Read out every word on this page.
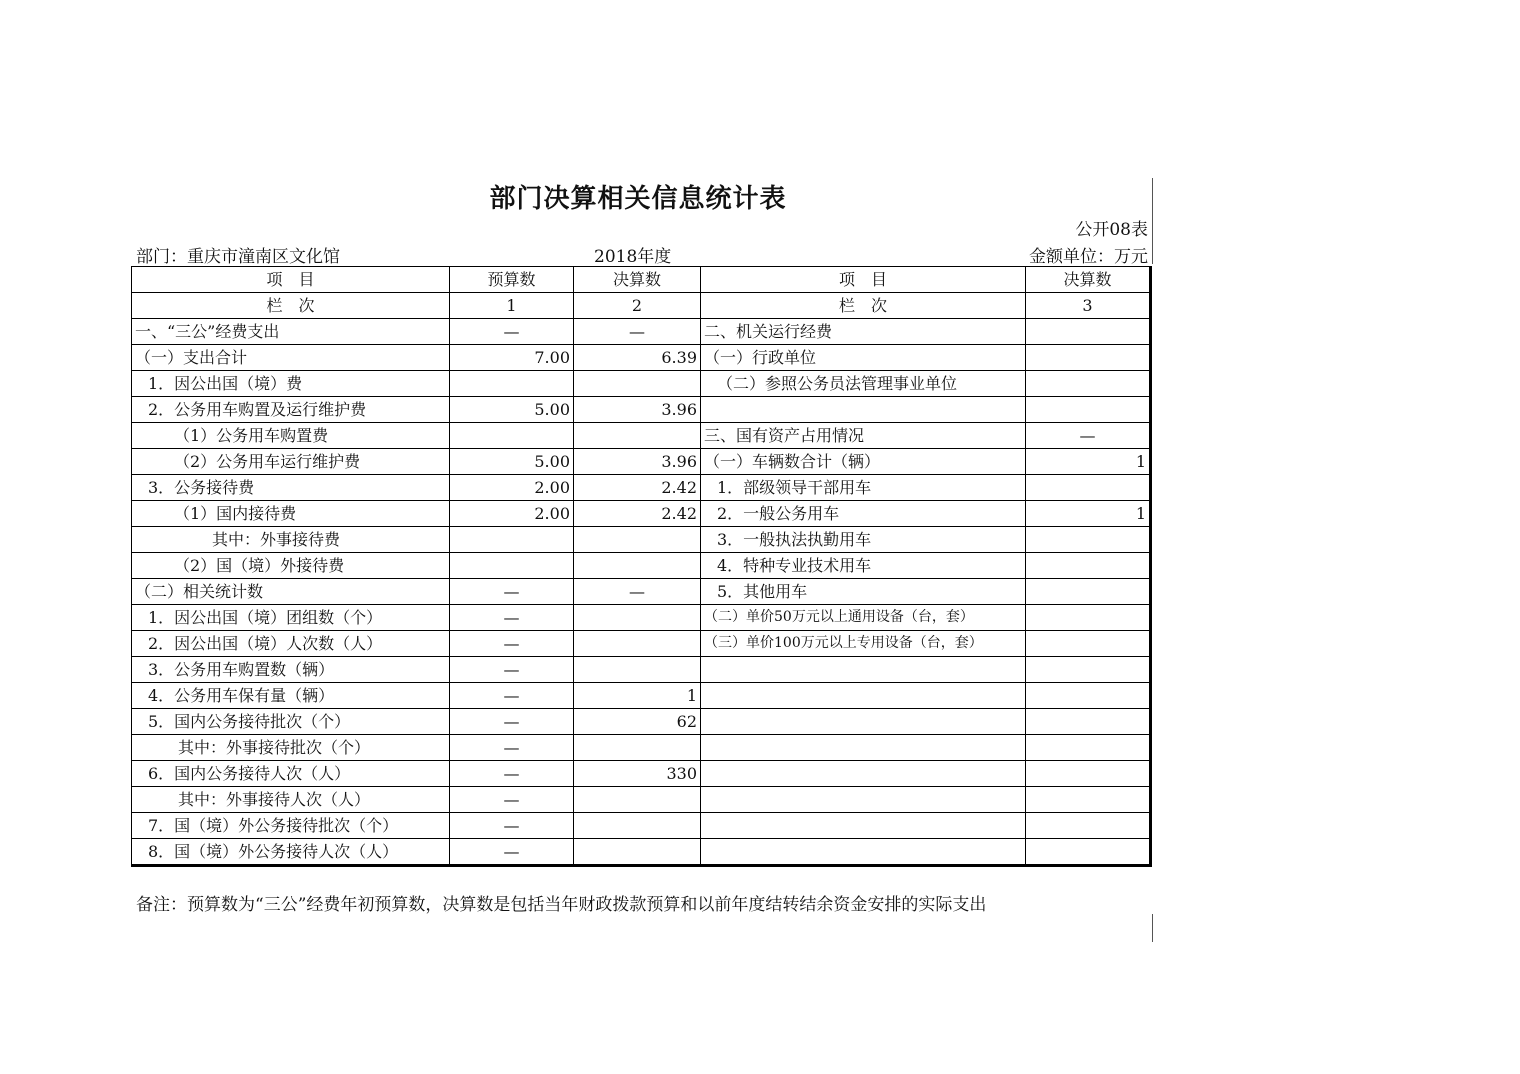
部门决算相关信息统计表
公开08表
部门：重庆市潼南区文化馆	2018年度	金额单位：万元
项　目	预算数	决算数	项　目	决算数
栏　次	1	2	栏　次	3
一、“三公”经费支出	—	—	二、机关运行经费	
（一）支出合计	7.00	6.39	（一）行政单位	
1．因公出国（境）费			（二）参照公务员法管理事业单位	
2．公务用车购置及运行维护费	5.00	3.96		
（1）公务用车购置费			三、国有资产占用情况	—
（2）公务用车运行维护费	5.00	3.96	（一）车辆数合计（辆）	1
3．公务接待费	2.00	2.42	1．部级领导干部用车	
（1）国内接待费	2.00	2.42	2．一般公务用车	1
其中：外事接待费			3．一般执法执勤用车	
（2）国（境）外接待费			4．特种专业技术用车	
（二）相关统计数	—	—	5．其他用车	
1．因公出国（境）团组数（个）	—		（二）单价50万元以上通用设备（台，套）	
2．因公出国（境）人次数（人）	—		（三）单价100万元以上专用设备（台，套）	
3．公务用车购置数（辆）	—			
4．公务用车保有量（辆）	—	1		
5．国内公务接待批次（个）	—	62		
其中：外事接待批次（个）	—			
6．国内公务接待人次（人）	—	330		
其中：外事接待人次（人）	—			
7．国（境）外公务接待批次（个）	—			
8．国（境）外公务接待人次（人）	—			
备注：预算数为“三公”经费年初预算数，决算数是包括当年财政拨款预算和以前年度结转结余资金安排的实际支出
